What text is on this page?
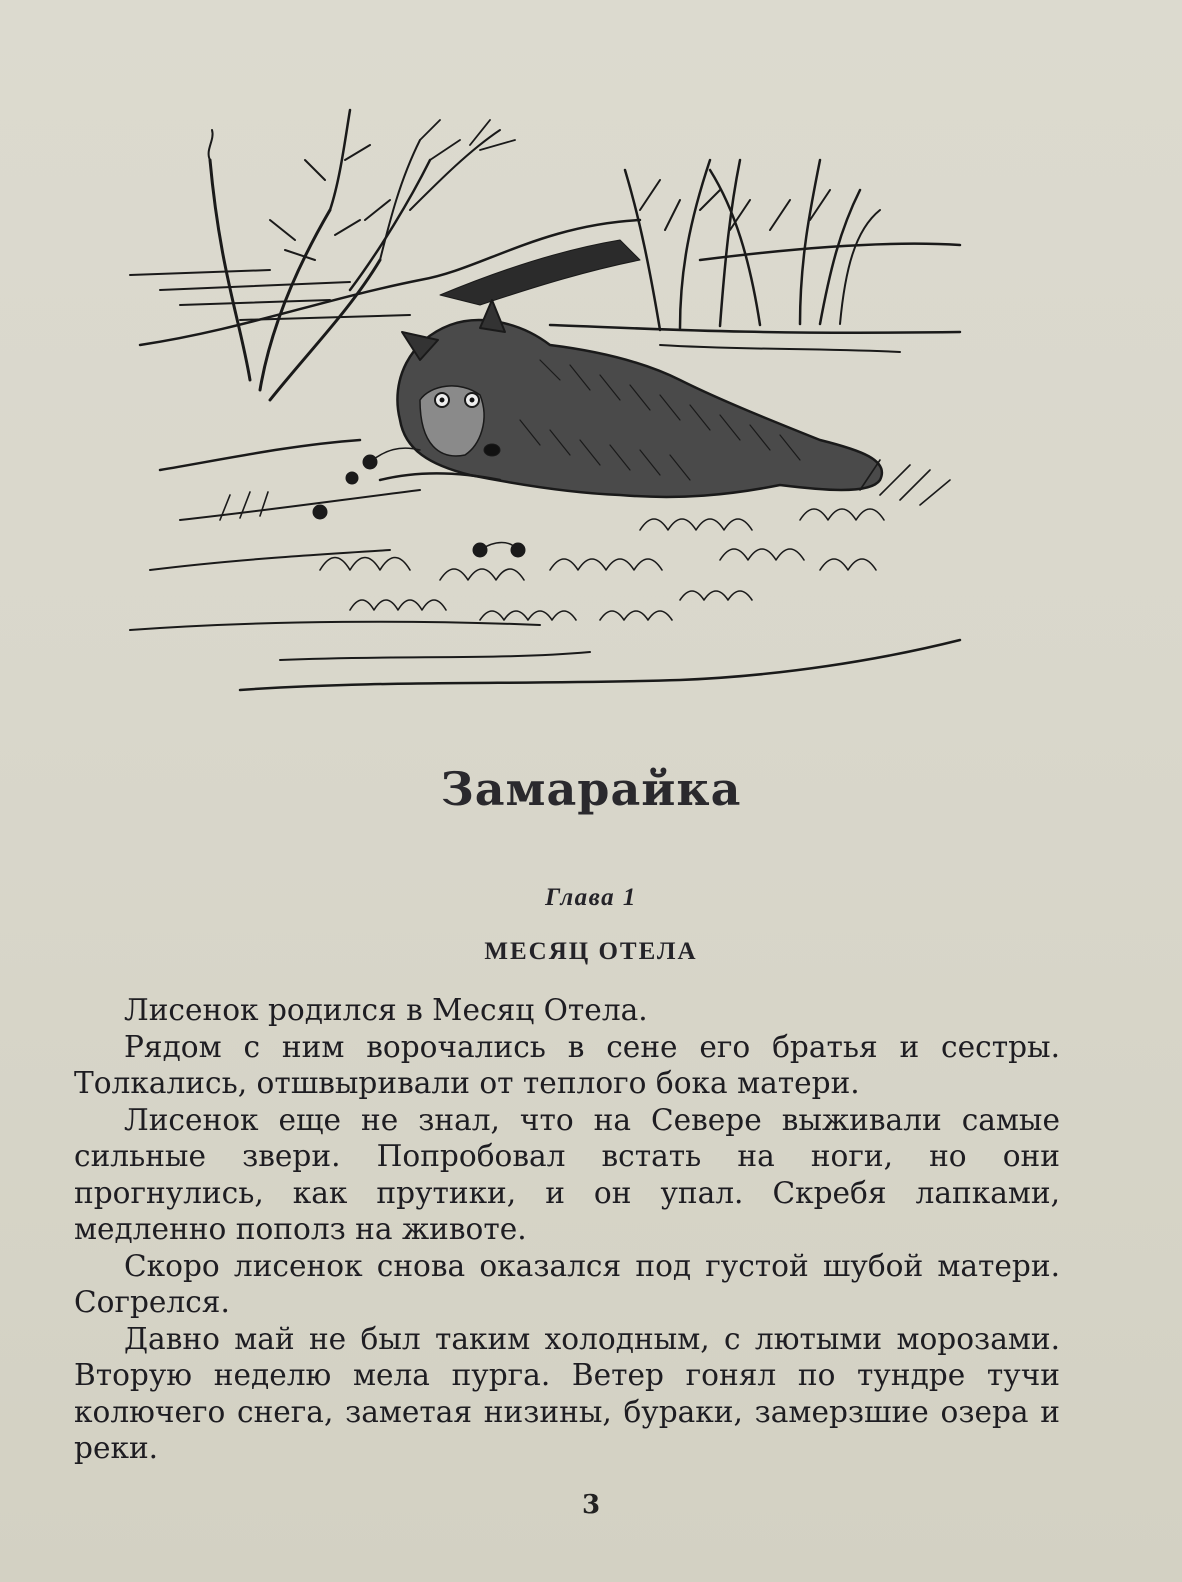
Замарайка
Глава 1
МЕСЯЦ ОТЕЛА

Лисенок родился в Месяц Отела.

Рядом с ним ворочались в сене его братья и сестры. Толкались, отшвыривали от теплого бока матери.

Лисенок еще не знал, что на Севере выживали самые сильные звери. Попробовал встать на ноги, но они прогнулись, как прутики, и он упал. Скребя лапками, медленно пополз на животе.

Скоро лисенок снова оказался под густой шубой матери. Согрелся.

Давно май не был таким холодным, с лютыми морозами. Вторую неделю мела пурга. Ветер гонял по тундре тучи колючего снега, заметая низины, бураки, замерзшие озера и реки.

3
